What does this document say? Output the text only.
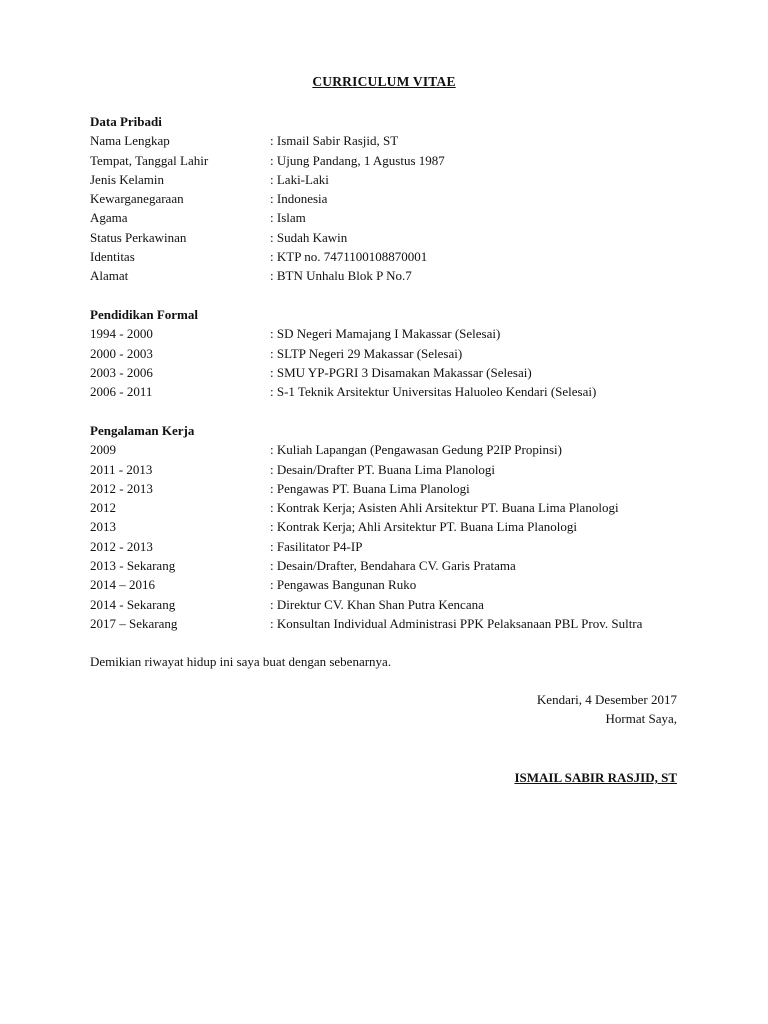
CURRICULUM VITAE
Data Pribadi
Nama Lengkap	: Ismail Sabir Rasjid, ST
Tempat, Tanggal Lahir	: Ujung Pandang, 1 Agustus 1987
Jenis Kelamin	: Laki-Laki
Kewarganegaraan	: Indonesia
Agama	: Islam
Status Perkawinan	: Sudah Kawin
Identitas	: KTP no. 7471100108870001
Alamat	: BTN Unhalu Blok P No.7
Pendidikan Formal
1994 - 2000	: SD Negeri Mamajang I Makassar (Selesai)
2000 - 2003	: SLTP Negeri 29 Makassar (Selesai)
2003 - 2006	: SMU YP-PGRI 3 Disamakan Makassar (Selesai)
2006 - 2011	: S-1 Teknik Arsitektur Universitas Haluoleo Kendari (Selesai)
Pengalaman Kerja
2009	: Kuliah Lapangan (Pengawasan Gedung P2IP Propinsi)
2011 - 2013	: Desain/Drafter PT. Buana Lima Planologi
2012 - 2013	: Pengawas PT. Buana Lima Planologi
2012	: Kontrak Kerja; Asisten Ahli Arsitektur PT. Buana Lima Planologi
2013	: Kontrak Kerja; Ahli Arsitektur PT. Buana Lima Planologi
2012 - 2013	: Fasilitator P4-IP
2013 - Sekarang	: Desain/Drafter, Bendahara CV. Garis Pratama
2014 – 2016	: Pengawas Bangunan Ruko
2014 - Sekarang	: Direktur CV. Khan Shan Putra Kencana
2017 – Sekarang	: Konsultan Individual Administrasi PPK Pelaksanaan PBL Prov. Sultra
Demikian riwayat hidup ini saya buat dengan sebenarnya.
Kendari, 4 Desember 2017
Hormat Saya,
ISMAIL SABIR RASJID, ST
